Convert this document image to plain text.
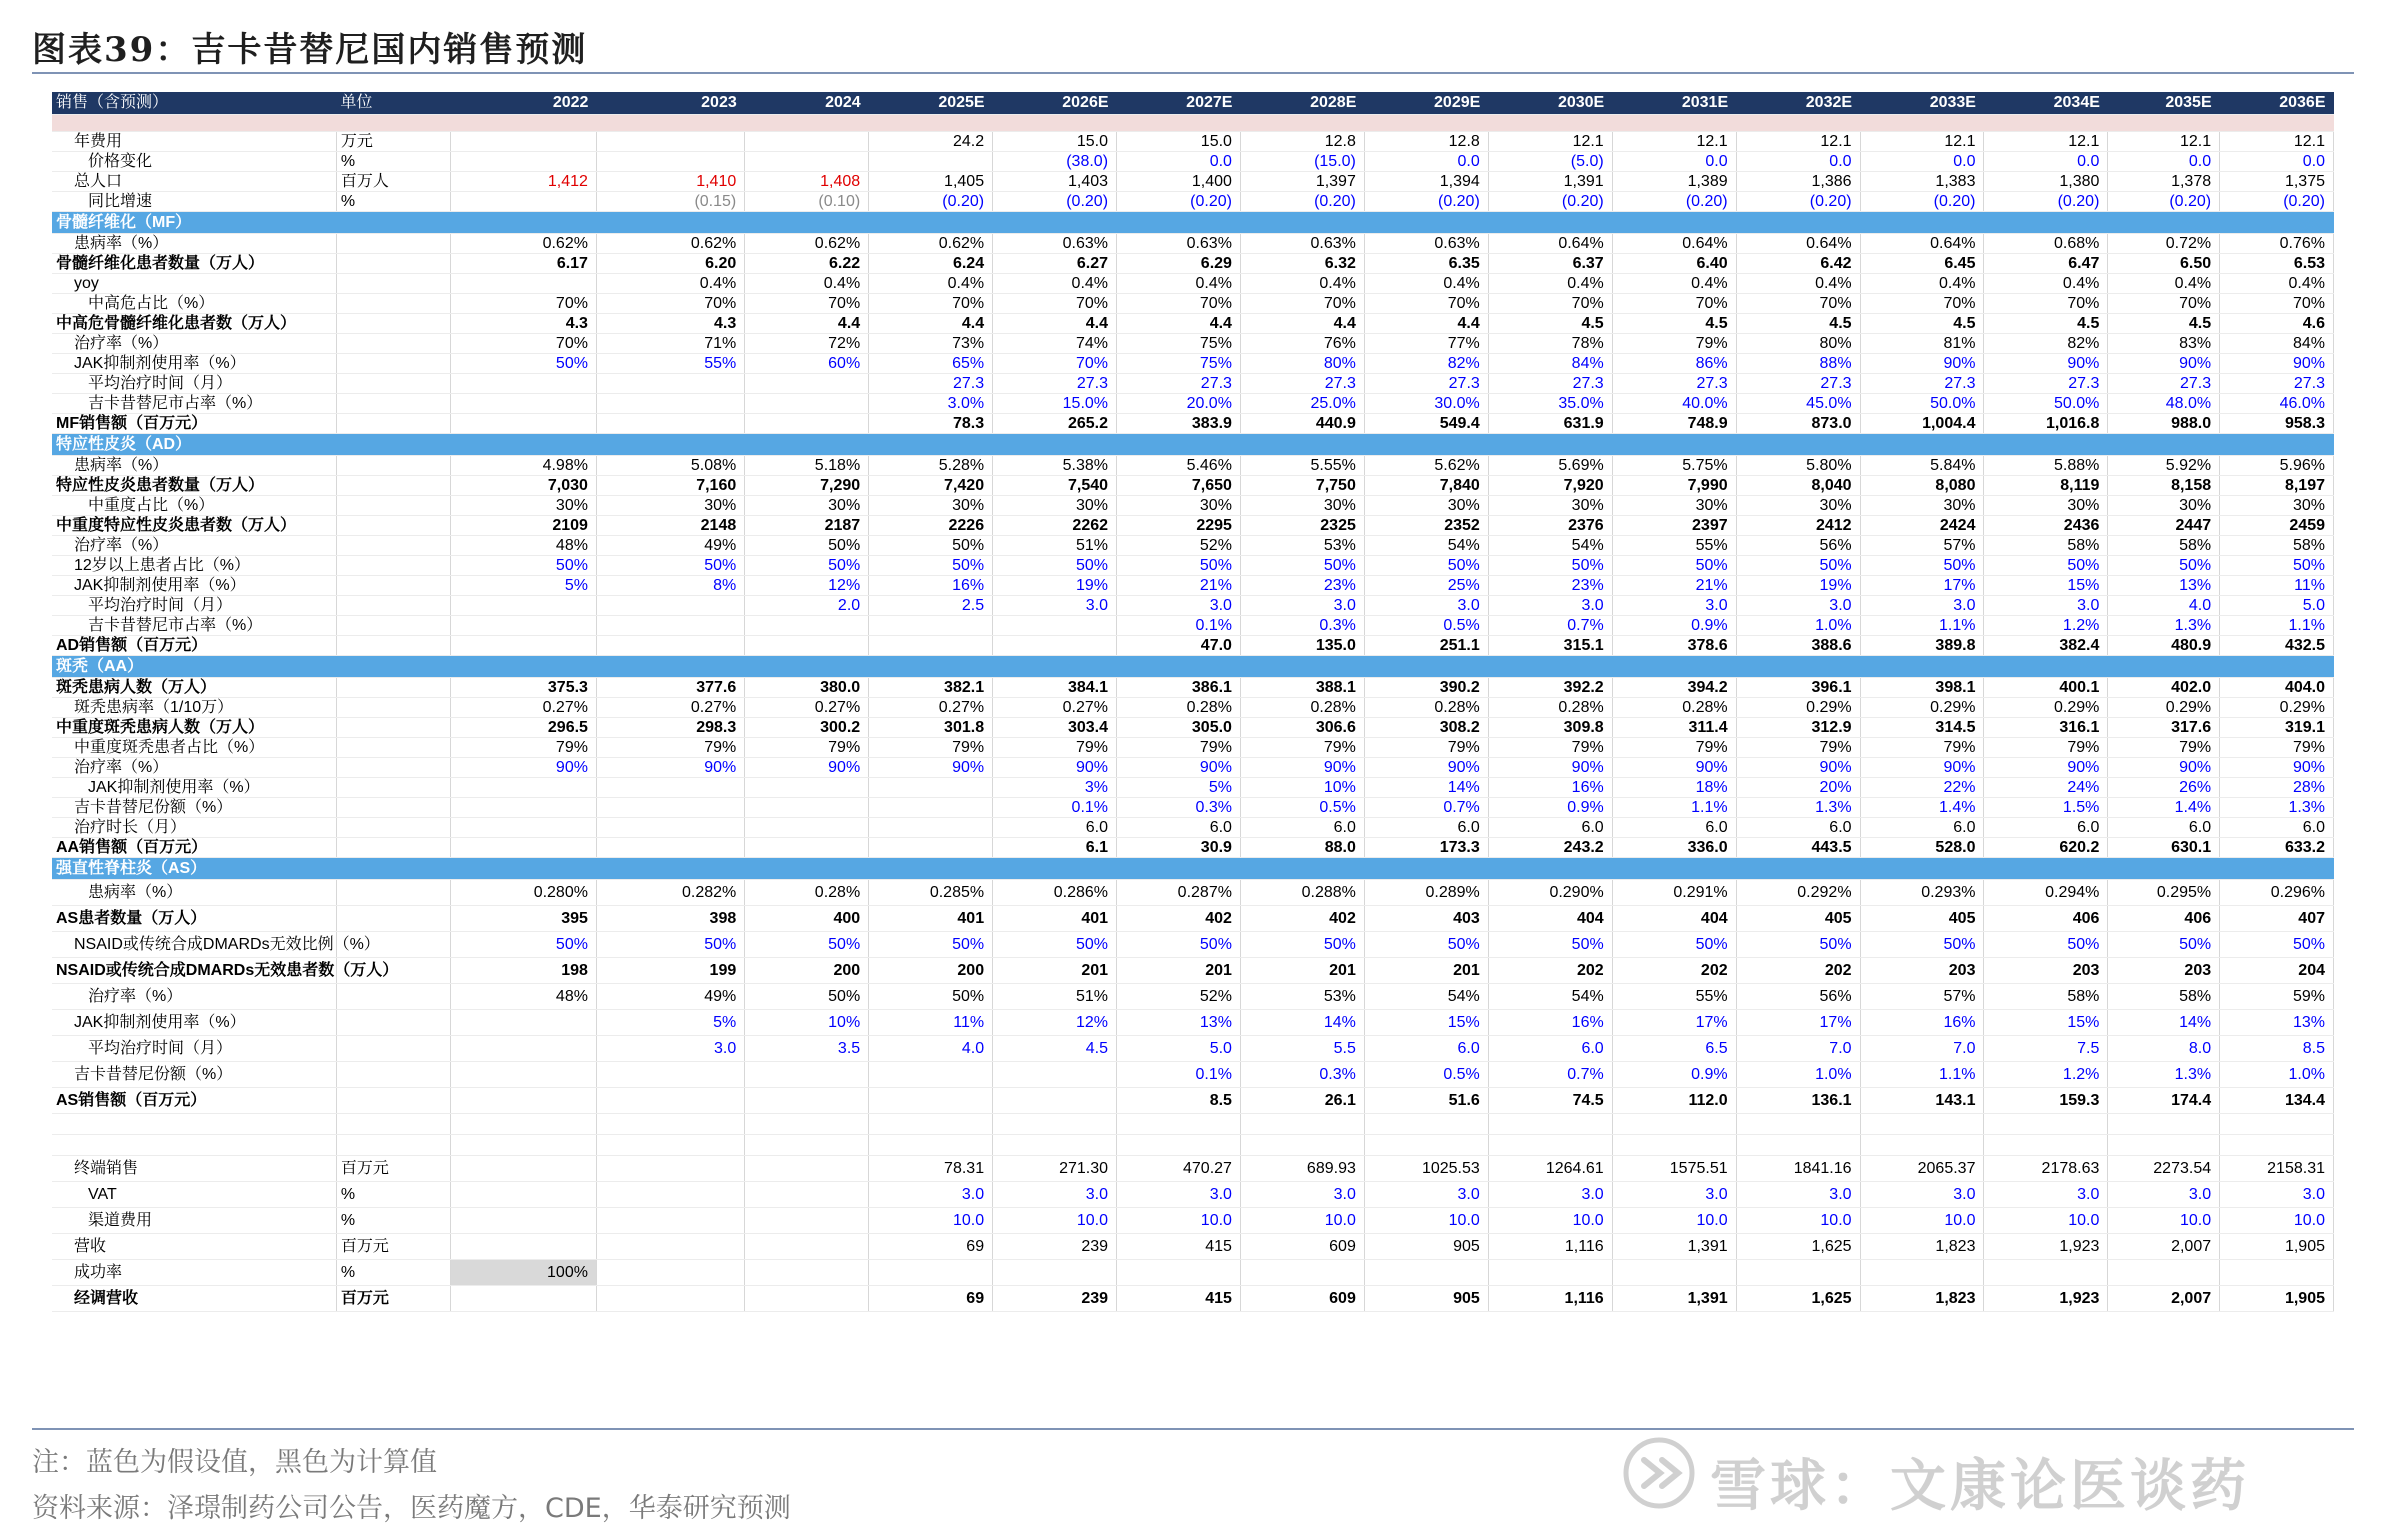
图表39：吉卡昔替尼国内销售预测
销售（含预测）	单位	2022	2023	2024	2025E	2026E	2027E	2028E	2029E	2030E	2031E	2032E	2033E	2034E	2035E	2036E

年费用	万元				24.2	15.0	15.0	12.8	12.8	12.1	12.1	12.1	12.1	12.1	12.1	12.1
价格变化	%					(38.0)	0.0	(15.0)	0.0	(5.0)	0.0	0.0	0.0	0.0	0.0	0.0
总人口	百万人	1,412	1,410	1,408	1,405	1,403	1,400	1,397	1,394	1,391	1,389	1,386	1,383	1,380	1,378	1,375
同比增速	%		(0.15)	(0.10)	(0.20)	(0.20)	(0.20)	(0.20)	(0.20)	(0.20)	(0.20)	(0.20)	(0.20)	(0.20)	(0.20)	(0.20)
骨髓纤维化（MF）																
患病率（%）		0.62%	0.62%	0.62%	0.62%	0.63%	0.63%	0.63%	0.63%	0.64%	0.64%	0.64%	0.64%	0.68%	0.72%	0.76%
骨髓纤维化患者数量（万人）		6.17	6.20	6.22	6.24	6.27	6.29	6.32	6.35	6.37	6.40	6.42	6.45	6.47	6.50	6.53
yoy			0.4%	0.4%	0.4%	0.4%	0.4%	0.4%	0.4%	0.4%	0.4%	0.4%	0.4%	0.4%	0.4%	0.4%
中高危占比（%）		70%	70%	70%	70%	70%	70%	70%	70%	70%	70%	70%	70%	70%	70%	70%
中高危骨髓纤维化患者数（万人）		4.3	4.3	4.4	4.4	4.4	4.4	4.4	4.4	4.5	4.5	4.5	4.5	4.5	4.5	4.6
治疗率（%）		70%	71%	72%	73%	74%	75%	76%	77%	78%	79%	80%	81%	82%	83%	84%
JAK抑制剂使用率（%）		50%	55%	60%	65%	70%	75%	80%	82%	84%	86%	88%	90%	90%	90%	90%
平均治疗时间（月）					27.3	27.3	27.3	27.3	27.3	27.3	27.3	27.3	27.3	27.3	27.3	27.3
吉卡昔替尼市占率（%）					3.0%	15.0%	20.0%	25.0%	30.0%	35.0%	40.0%	45.0%	50.0%	50.0%	48.0%	46.0%
MF销售额（百万元）					78.3	265.2	383.9	440.9	549.4	631.9	748.9	873.0	1,004.4	1,016.8	988.0	958.3
特应性皮炎（AD）																
患病率（%）		4.98%	5.08%	5.18%	5.28%	5.38%	5.46%	5.55%	5.62%	5.69%	5.75%	5.80%	5.84%	5.88%	5.92%	5.96%
特应性皮炎患者数量（万人）		7,030	7,160	7,290	7,420	7,540	7,650	7,750	7,840	7,920	7,990	8,040	8,080	8,119	8,158	8,197
中重度占比（%）		30%	30%	30%	30%	30%	30%	30%	30%	30%	30%	30%	30%	30%	30%	30%
中重度特应性皮炎患者数（万人）		2109	2148	2187	2226	2262	2295	2325	2352	2376	2397	2412	2424	2436	2447	2459
治疗率（%）		48%	49%	50%	50%	51%	52%	53%	54%	54%	55%	56%	57%	58%	58%	58%
12岁以上患者占比（%）		50%	50%	50%	50%	50%	50%	50%	50%	50%	50%	50%	50%	50%	50%	50%
JAK抑制剂使用率（%）		5%	8%	12%	16%	19%	21%	23%	25%	23%	21%	19%	17%	15%	13%	11%
平均治疗时间（月）				2.0	2.5	3.0	3.0	3.0	3.0	3.0	3.0	3.0	3.0	3.0	4.0	5.0
吉卡昔替尼市占率（%）							0.1%	0.3%	0.5%	0.7%	0.9%	1.0%	1.1%	1.2%	1.3%	1.1%
AD销售额（百万元）							47.0	135.0	251.1	315.1	378.6	388.6	389.8	382.4	480.9	432.5
斑秃（AA）																
斑秃患病人数（万人）		375.3	377.6	380.0	382.1	384.1	386.1	388.1	390.2	392.2	394.2	396.1	398.1	400.1	402.0	404.0
斑秃患病率（1/10万）		0.27%	0.27%	0.27%	0.27%	0.27%	0.28%	0.28%	0.28%	0.28%	0.28%	0.29%	0.29%	0.29%	0.29%	0.29%
中重度斑秃患病人数（万人）		296.5	298.3	300.2	301.8	303.4	305.0	306.6	308.2	309.8	311.4	312.9	314.5	316.1	317.6	319.1
中重度斑秃患者占比（%）		79%	79%	79%	79%	79%	79%	79%	79%	79%	79%	79%	79%	79%	79%	79%
治疗率（%）		90%	90%	90%	90%	90%	90%	90%	90%	90%	90%	90%	90%	90%	90%	90%
JAK抑制剂使用率（%）						3%	5%	10%	14%	16%	18%	20%	22%	24%	26%	28%
吉卡昔替尼份额（%）						0.1%	0.3%	0.5%	0.7%	0.9%	1.1%	1.3%	1.4%	1.5%	1.4%	1.3%
治疗时长（月）						6.0	6.0	6.0	6.0	6.0	6.0	6.0	6.0	6.0	6.0	6.0
AA销售额（百万元）						6.1	30.9	88.0	173.3	243.2	336.0	443.5	528.0	620.2	630.1	633.2
强直性脊柱炎（AS）																
患病率（%）		0.280%	0.282%	0.28%	0.285%	0.286%	0.287%	0.288%	0.289%	0.290%	0.291%	0.292%	0.293%	0.294%	0.295%	0.296%
AS患者数量（万人）		395	398	400	401	401	402	402	403	404	404	405	405	406	406	407
NSAID或传统合成DMARDs无效比例（%）		50%	50%	50%	50%	50%	50%	50%	50%	50%	50%	50%	50%	50%	50%	50%
NSAID或传统合成DMARDs无效患者数（万人）		198	199	200	200	201	201	201	201	202	202	202	203	203	203	204
治疗率（%）		48%	49%	50%	50%	51%	52%	53%	54%	54%	55%	56%	57%	58%	58%	59%
JAK抑制剂使用率（%）			5%	10%	11%	12%	13%	14%	15%	16%	17%	17%	16%	15%	14%	13%
平均治疗时间（月）			3.0	3.5	4.0	4.5	5.0	5.5	6.0	6.0	6.5	7.0	7.0	7.5	8.0	8.5
吉卡昔替尼份额（%）							0.1%	0.3%	0.5%	0.7%	0.9%	1.0%	1.1%	1.2%	1.3%	1.0%
AS销售额（百万元）							8.5	26.1	51.6	74.5	112.0	136.1	143.1	159.3	174.4	134.4

终端销售	百万元				78.31	271.30	470.27	689.93	1025.53	1264.61	1575.51	1841.16	2065.37	2178.63	2273.54	2158.31
VAT	%				3.0	3.0	3.0	3.0	3.0	3.0	3.0	3.0	3.0	3.0	3.0	3.0
渠道费用	%				10.0	10.0	10.0	10.0	10.0	10.0	10.0	10.0	10.0	10.0	10.0	10.0
营收	百万元				69	239	415	609	905	1,116	1,391	1,625	1,823	1,923	2,007	1,905
成功率	%	100%														
经调营收	百万元				69	239	415	609	905	1,116	1,391	1,625	1,823	1,923	2,007	1,905
注：蓝色为假设值，黑色为计算值
资料来源：泽璟制药公司公告，医药魔方，CDE，华泰研究预测	雪球：文康论医谈药
